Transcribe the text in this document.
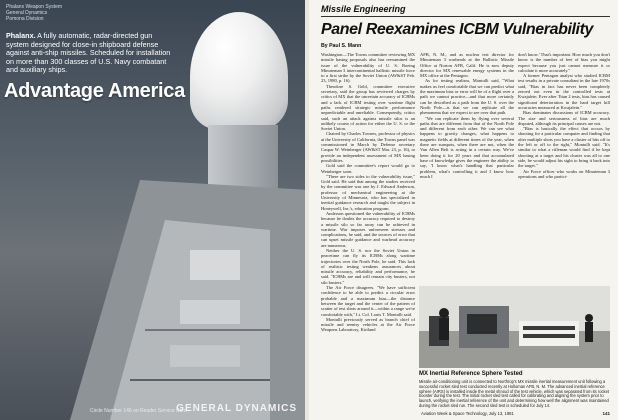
Phalanx Weapon System
General Dynamics
Pomona Division
Phalanx. A fully automatic, radar-directed gun system designed for close-in shipboard defense against anti-ship missiles. Scheduled for installation on more than 300 classes of U.S. Navy combatant and auxiliary ships.
Advantage America
Circle Number 146 on Reader Service Card
GENERAL DYNAMICS
Missile Engineering
Panel Reexamines ICBM Vulnerability
By Paul S. Mann

Washington—The Towns committee reviewing MX missile basing proposals also has reexamined the issue of the vulnerability of U. S. Boeing Minuteman 3 intercontinental ballistic missile force to a first strike by the Soviet Union (AW&ST Feb. 23, 1980, p. 16).

Theodore S. Gold, committee executive secretary, said the group has reviewed charges by critics of MX that the uncertain accuracy of ICBMs and a lack of ICBM testing over wartime flight paths rendered strategic missile performance unpredictable and unreliable. Consequently, critics said, such an attack against missile silos is an unlikely course of action for either the U. S. or the Soviet Union.

Chaired by Charles Townes, professor of physics at the University of California, the Towns panel was commissioned in March by Defense secretary Caspar W. Weinberger (AW&ST Mar. 23, p. 16), to provide an independent assessment of MX basing possibilities.

Gold said the committee's report would go to Weinberger soon.

"There are two sides to the vulnerability issue," Gold said. He said that among the studies received by the committee was one by J. Edward Anderson, professor of mechanical engineering at the University of Minnesota, who has specialized in inertial guidance research and taught the subject in Honeywell, Inc.'s, education program.

Anderson questioned the vulnerability of ICBMs because he doubts the accuracy required to destroy a missile silo so far away can be achieved in wartime. War imposes unforeseen stresses and complications, he said, and the sources of error that can upset missile guidance and warhead accuracy are numerous.

Neither the U. S. nor the Soviet Union in peacetime can fly its ICBMs along wartime trajectories over the North Pole, he said. This lack of realistic testing weakens assurances about missile accuracy, reliability and performance, he said. "ICBMs are and will remain city busters, not silo busters."

The Air Force disagrees. "We have sufficient confidence to be able to predict a circular error probable and a maximum bias—the distance between the target and the center of the pattern of scatter of test shots around it—within a range we're comfortable with," Lt. Col. Louis T. Montulli said.

Montulli previously served as branch chief of missile and reentry vehicles at the Air Force Weapons Laboratory, Kirtland

AFB, N. M., and as nuclear test director for Minuteman 3 warheads at the Ballistic Missile Office at Norton AFB, Calif. He is now deputy director for MX renewable energy systems in the MX office at the Pentagon.

As for testing realism, Montulli said, "What makes us feel comfortable that we can predict what the maximum bias or error will be of a flight over a path we cannot practice—and that more certainly can be described as a path from the U. S. over the North Pole—is that we can replicate all the phenomena that we expect to see over that path.

"We can replicate them by flying over several paths that are different from that of the North Pole and different from each other. We can see what happens to gravity changes, what happens to magnetic fields at different times of the year, when there are sunspots, when there are not, when the Van Allen Belt is acting in a certain way. We've been doing it for 20 years and that accumulated base of knowledge gives the engineer the ability to say, 'I know what's handling that particular problem, what's controlling it and I know how much I

don't know.' That's important. How much you don't know is the number of feet of bias you might expect because you just cannot measure it or calculate it more accurately."

A former Pentagon analyst who studied ICBM test results in a private consultant in the late 1970s said, "Bias in fact has never been completely zeroed out even in the controlled tests at Kwajalein. Ever after Titan 2 tests, bias has caused significant deterioration in the hard target kill accuracies measured at Kwajalein."

Bias dominates discussions of ICBM accuracy. The size and seriousness of bias are much disputed, although its principal causes are not.

"Bias is basically the effect that occurs by shooting for a particular computer and finding that after multiple shots you have a cluster of hits off to the left or off to the right," Montulli said. "It's similar to what a rifleman would find if he kept shooting at a target and his cluster was all to one side, he would adjust his sight to bring it back into the target."

Air Force officer who works on Minuteman 3 operations and who partici-

MX Inertial Reference Sphere Tested
Missile air-conditioning unit is connected to Northrop's MX missile inertial measurement unit following a successful rocket sled test conducted recently at Holloman AFB, N. M. The advanced inertial reference sphere (AIRS) is installed inside the metal shroud of the test vehicle, which was separated from its rocket booster during the test. The initial rocket sled test called for calibrating and aligning the system prior to launch, verifying the inertial reference of the unit and determining how well the alignment was maintained during the rocket sled run. The second sled test is scheduled for July 14.
Aviation Week & Space Technology, July 13, 1981	141
